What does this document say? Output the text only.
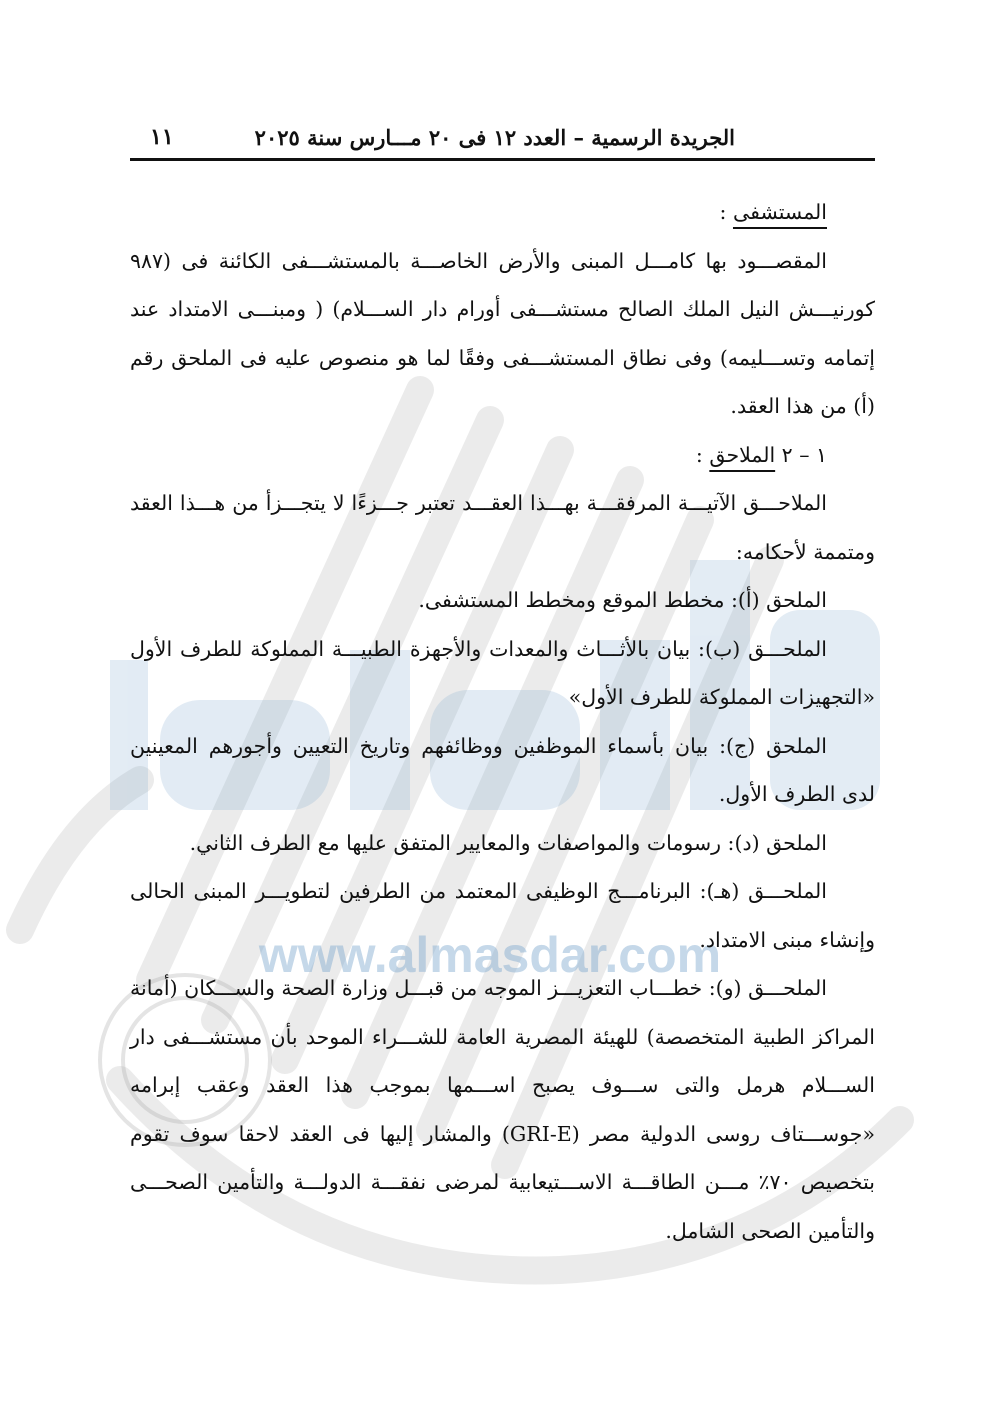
www.almasdar.com
الجريدة الرسمية – العدد ١٢ فى ٢٠ مـــارس سنة ٢٠٢٥
١١

المستشفى :

المقصـــود بها كامـــل المبنى والأرض الخاصـــة بالمستشـــفى الكائنة فى (٩٨٧ كورنيـــش النيل الملك الصالح مستشـــفى أورام دار الســـلام) ( ومبنـــى الامتداد عند إتمامه وتســـليمه) وفى نطاق المستشـــفى وفقًا لما هو منصوص عليه فى الملحق رقم (أ) من هذا العقد.

١ – ٢ الملاحق :

الملاحـــق الآتيـــة المرفقـــة بهـــذا العقـــد تعتبر جـــزءًا لا يتجـــزأ من هـــذا العقد ومتممة لأحكامه:

الملحق (أ): مخطط الموقع ومخطط المستشفى.

الملحـــق (ب): بيان بالأثـــاث والمعدات والأجهزة الطبيـــة المملوكة للطرف الأول «التجهيزات المملوكة للطرف الأول»

الملحق (ج): بيان بأسماء الموظفين ووظائفهم وتاريخ التعيين وأجورهم المعينين لدى الطرف الأول.

الملحق (د): رسومات والمواصفات والمعايير المتفق عليها مع الطرف الثاني.

الملحـــق (هـ): البرنامـــج الوظيفى المعتمد من الطرفين لتطويـــر المبنى الحالى وإنشاء مبنى الامتداد.

الملحـــق (و): خطـــاب التعزيـــز الموجه من قبـــل وزارة الصحة والســـكان (أمانة المراكز الطبية المتخصصة) للهيئة المصرية العامة للشـــراء الموحد بأن مستشـــفى دار الســـلام هرمل والتى ســـوف يصبح اســـمها بموجب هذا العقد وعقب إبرامه «جوســـتاف روسى الدولية مصر (GRI-E) والمشار إليها فى العقد لاحقا سوف تقوم بتخصيص ٧٠٪ مـــن الطاقـــة الاســـتيعابية لمرضى نفقـــة الدولـــة والتأمين الصحـــى والتأمين الصحى الشامل.
